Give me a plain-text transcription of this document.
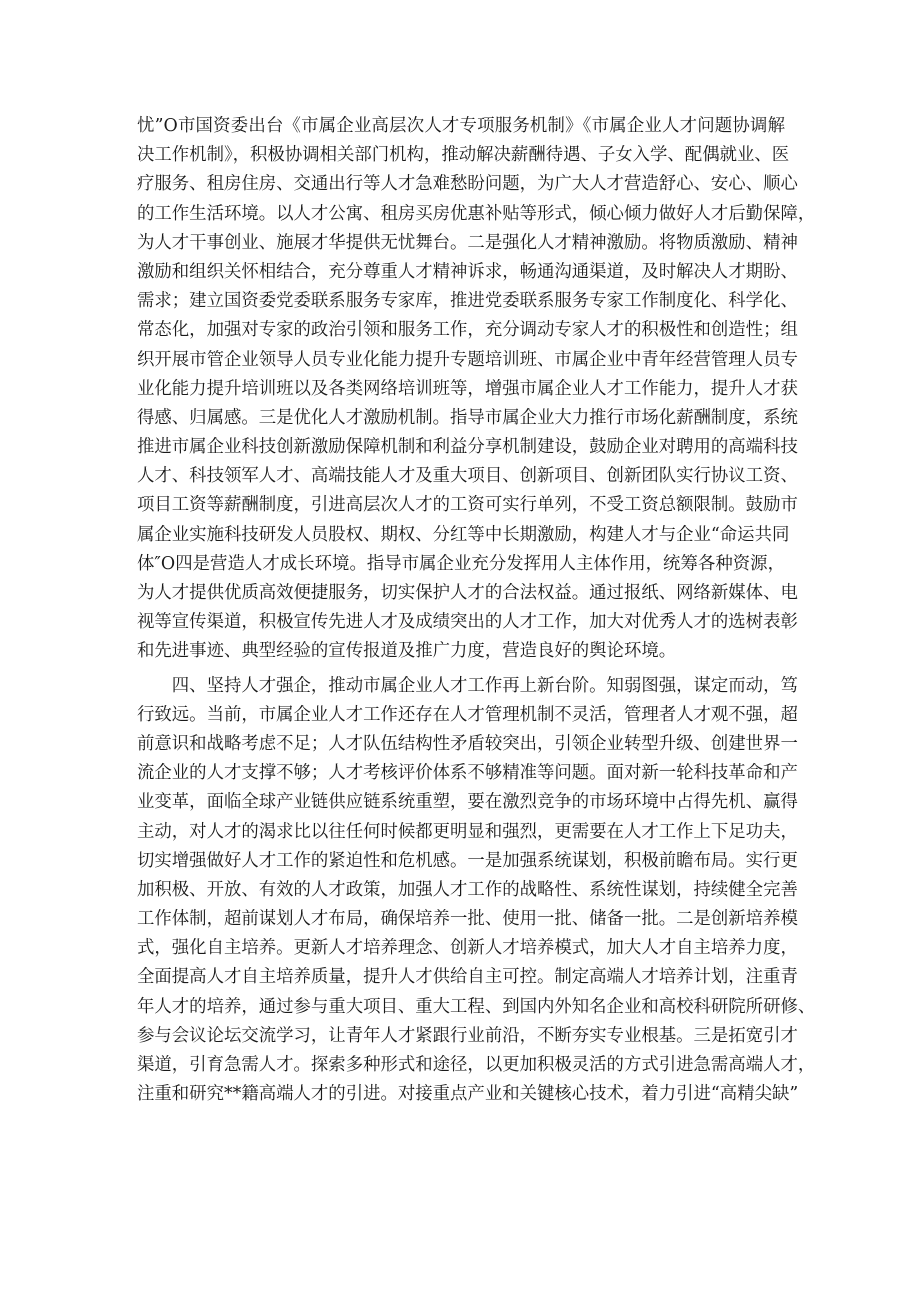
忧”O市国资委出台《市属企业高层次人才专项服务机制》《市属企业人才问题协调解
决工作机制》，积极协调相关部门机构，推动解决薪酬待遇、子女入学、配偶就业、医
疗服务、租房住房、交通出行等人才急难愁盼问题，为广大人才营造舒心、安心、顺心
的工作生活环境。以人才公寓、租房买房优惠补贴等形式，倾心倾力做好人才后勤保障，
为人才干事创业、施展才华提供无忧舞台。二是强化人才精神激励。将物质激励、精神
激励和组织关怀相结合，充分尊重人才精神诉求，畅通沟通渠道，及时解决人才期盼、
需求；建立国资委党委联系服务专家库，推进党委联系服务专家工作制度化、科学化、
常态化，加强对专家的政治引领和服务工作，充分调动专家人才的积极性和创造性；组
织开展市管企业领导人员专业化能力提升专题培训班、市属企业中青年经营管理人员专
业化能力提升培训班以及各类网络培训班等，增强市属企业人才工作能力，提升人才获
得感、归属感。三是优化人才激励机制。指导市属企业大力推行市场化薪酬制度，系统
推进市属企业科技创新激励保障机制和利益分享机制建设，鼓励企业对聘用的高端科技
人才、科技领军人才、高端技能人才及重大项目、创新项目、创新团队实行协议工资、
项目工资等薪酬制度，引进高层次人才的工资可实行单列，不受工资总额限制。鼓励市
属企业实施科技研发人员股权、期权、分红等中长期激励，构建人才与企业“命运共同
体″O四是营造人才成长环境。指导市属企业充分发挥用人主体作用，统筹各种资源，
为人才提供优质高效便捷服务，切实保护人才的合法权益。通过报纸、网络新媒体、电
视等宣传渠道，积极宣传先进人才及成绩突出的人才工作，加大对优秀人才的选树表彰
和先进事迹、典型经验的宣传报道及推广力度，营造良好的舆论环境。
　　四、坚持人才强企，推动市属企业人才工作再上新台阶。知弱图强，谋定而动，笃
行致远。当前，市属企业人才工作还存在人才管理机制不灵活，管理者人才观不强，超
前意识和战略考虑不足；人才队伍结构性矛盾较突出，引领企业转型升级、创建世界一
流企业的人才支撑不够；人才考核评价体系不够精准等问题。面对新一轮科技革命和产
业变革，面临全球产业链供应链系统重塑，要在激烈竞争的市场环境中占得先机、赢得
主动，对人才的渴求比以往任何时候都更明显和强烈，更需要在人才工作上下足功夫，
切实增强做好人才工作的紧迫性和危机感。一是加强系统谋划，积极前瞻布局。实行更
加积极、开放、有效的人才政策，加强人才工作的战略性、系统性谋划，持续健全完善
工作体制，超前谋划人才布局，确保培养一批、使用一批、储备一批。二是创新培养模
式，强化自主培养。更新人才培养理念、创新人才培养模式，加大人才自主培养力度，
全面提高人才自主培养质量，提升人才供给自主可控。制定高端人才培养计划，注重青
年人才的培养，通过参与重大项目、重大工程、到国内外知名企业和高校科研院所研修、
参与会议论坛交流学习，让青年人才紧跟行业前沿，不断夯实专业根基。三是拓宽引才
渠道，引育急需人才。探索多种形式和途径，以更加积极灵活的方式引进急需高端人才，
注重和研究**籍高端人才的引进。对接重点产业和关键核心技术，着力引进“高精尖缺”
